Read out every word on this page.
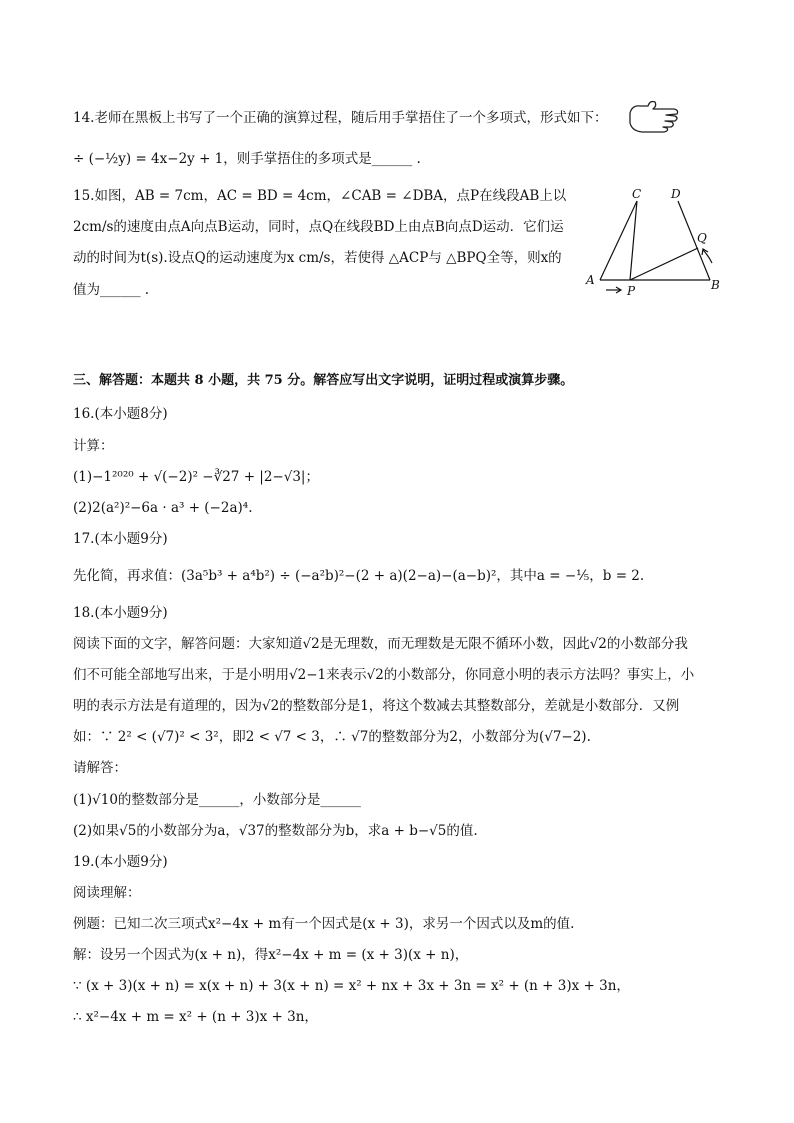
14.老师在黑板上书写了一个正确的演算过程，随后用手掌捂住了一个多项式，形式如下：
÷ (−½y) = 4x−2y + 1，则手掌捂住的多项式是______ .
15.如图，AB = 7cm，AC = BD = 4cm，∠CAB = ∠DBA，点P在线段AB上以
2cm/s的速度由点A向点B运动，同时，点Q在线段BD上由点B向点D运动．它们运
动的时间为t(s).设点Q的运动速度为x cm/s，若使得 △ACP与 △BPQ全等，则x的
值为______ .
C D
Q
A
P	B
三、解答题：本题共 8 小题，共 75 分。解答应写出文字说明，证明过程或演算步骤。
16.(本小题8分)
计算：
(1)−1²⁰²⁰ + √(−2)² −∛27 + |2−√3|；
(2)2(a²)²−6a · a³ + (−2a)⁴.
17.(本小题9分)
先化简，再求值：(3a⁵b³ + a⁴b²) ÷ (−a²b)²−(2 + a)(2−a)−(a−b)²，其中a = −⅕，b = 2.
18.(本小题9分)
阅读下面的文字，解答问题：大家知道√2是无理数，而无理数是无限不循环小数，因此√2的小数部分我
们不可能全部地写出来，于是小明用√2−1来表示√2的小数部分，你同意小明的表示方法吗？事实上，小
明的表示方法是有道理的，因为√2的整数部分是1，将这个数减去其整数部分，差就是小数部分．又例
如：∵ 2² < (√7)² < 3²，即2 < √7 < 3，∴ √7的整数部分为2，小数部分为(√7−2).
请解答：
(1)√10的整数部分是______，小数部分是______
(2)如果√5的小数部分为a，√37的整数部分为b，求a + b−√5的值.
19.(本小题9分)
阅读理解：
例题：已知二次三项式x²−4x + m有一个因式是(x + 3)，求另一个因式以及m的值.
解：设另一个因式为(x + n)，得x²−4x + m = (x + 3)(x + n)，
∵ (x + 3)(x + n) = x(x + n) + 3(x + n) = x² + nx + 3x + 3n = x² + (n + 3)x + 3n，
∴ x²−4x + m = x² + (n + 3)x + 3n，
